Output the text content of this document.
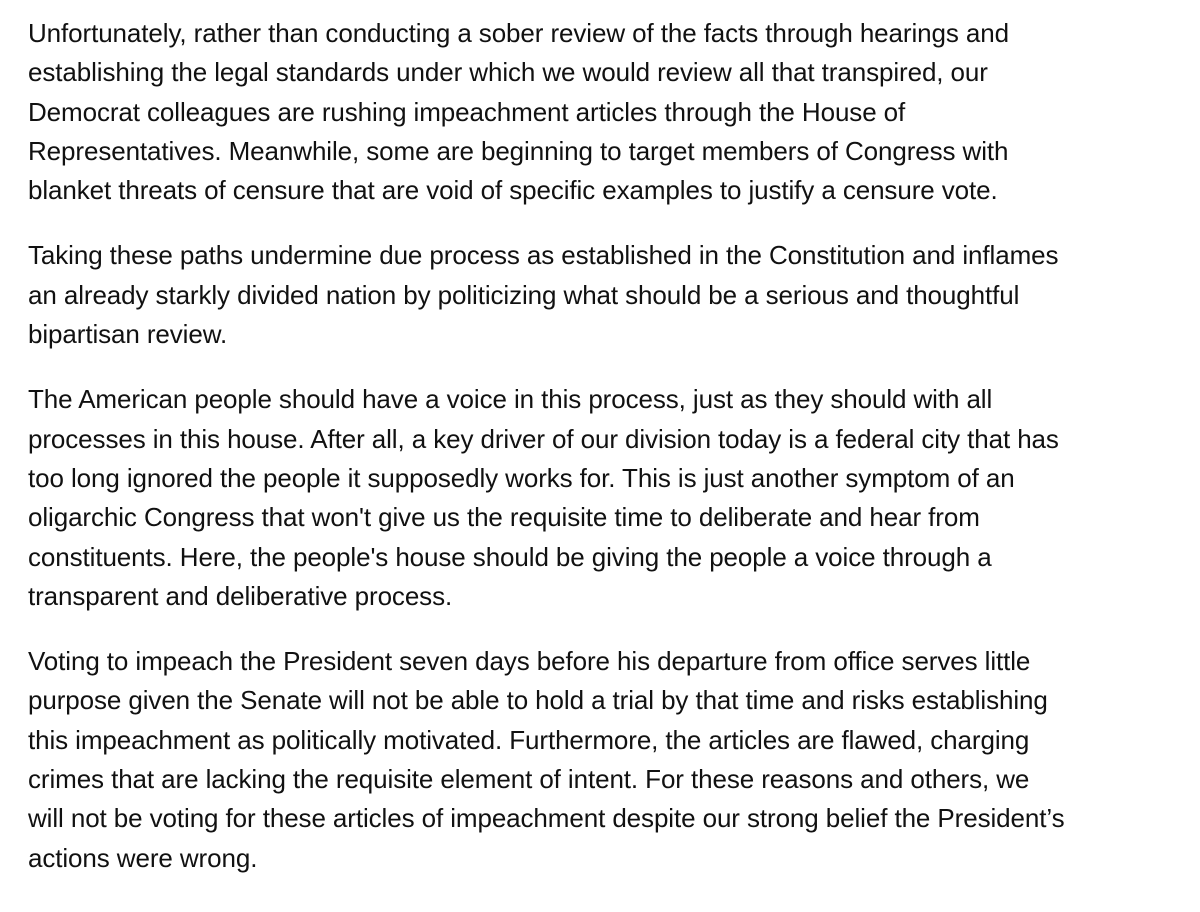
Unfortunately, rather than conducting a sober review of the facts through hearings and establishing the legal standards under which we would review all that transpired, our Democrat colleagues are rushing impeachment articles through the House of Representatives. Meanwhile, some are beginning to target members of Congress with blanket threats of censure that are void of specific examples to justify a censure vote.

Taking these paths undermine due process as established in the Constitution and inflames an already starkly divided nation by politicizing what should be a serious and thoughtful bipartisan review.

The American people should have a voice in this process, just as they should with all processes in this house. After all, a key driver of our division today is a federal city that has too long ignored the people it supposedly works for. This is just another symptom of an oligarchic Congress that won't give us the requisite time to deliberate and hear from constituents. Here, the people's house should be giving the people a voice through a transparent and deliberative process.

Voting to impeach the President seven days before his departure from office serves little purpose given the Senate will not be able to hold a trial by that time and risks establishing this impeachment as politically motivated. Furthermore, the articles are flawed, charging crimes that are lacking the requisite element of intent. For these reasons and others, we will not be voting for these articles of impeachment despite our strong belief the President’s actions were wrong.
